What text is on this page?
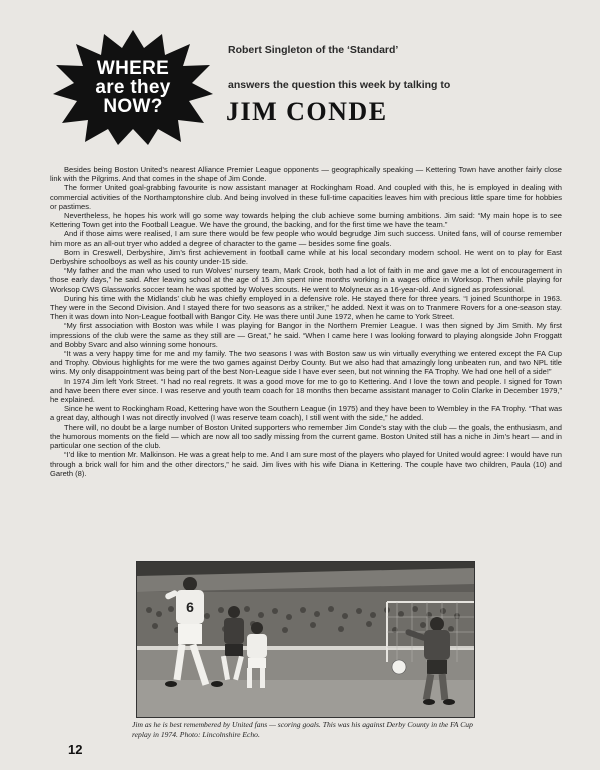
WHERE
are they
NOW?
Robert Singleton of the ‘Standard’
answers the question this week by talking to
JIM CONDE

Besides being Boston United’s nearest Alliance Premier League opponents — geographically speaking — Kettering Town have another fairly close link with the Pilgrims. And that comes in the shape of Jim Conde.

The former United goal-grabbing favourite is now assistant manager at Rockingham Road. And coupled with this, he is employed in dealing with commercial activities of the Northamptonshire club. And being involved in these full-time capacities leaves him with precious little spare time for hobbies or pastimes.

Nevertheless, he hopes his work will go some way towards helping the club achieve some burning ambitions. Jim said: “My main hope is to see Kettering Town get into the Football League. We have the ground, the backing, and for the first time we have the team.”

And if those aims were realised, I am sure there would be few people who would begrudge Jim such success. United fans, will of course remember him more as an all-out tryer who added a degree of character to the game — besides some fine goals.

Born in Creswell, Derbyshire, Jim’s first achievement in football came while at his local secondary modern school. He went on to play for East Derbyshire schoolboys as well as his county under-15 side.

“My father and the man who used to run Wolves’ nursery team, Mark Crook, both had a lot of faith in me and gave me a lot of encouragement in those early days,” he said. After leaving school at the age of 15 Jim spent nine months working in a wages office in Worksop. Then while playing for Worksop CWS Glassworks soccer team he was spotted by Wolves scouts. He went to Molyneux as a 16-year-old. And signed as professional.

During his time with the Midlands’ club he was chiefly employed in a defensive role. He stayed there for three years. “I joined Scunthorpe in 1963. They were in the Second Division. And I stayed there for two seasons as a striker,” he added. Next it was on to Tranmere Rovers for a one-season stay. Then it was down into Non-League football with Bangor City. He was there until June 1972, when he came to York Street.

“My first association with Boston was while I was playing for Bangor in the Northern Premier League. I was then signed by Jim Smith. My first impressions of the club were the same as they still are — Great,” he said. “When I came here I was looking forward to playing alongside John Froggatt and Bobby Svarc and also winning some honours.

“It was a very happy time for me and my family. The two seasons I was with Boston saw us win virtually everything we entered except the FA Cup and Trophy. Obvious highlights for me were the two games against Derby County. But we also had that amazingly long unbeaten run, and two NPL title wins. My only disappointment was being part of the best Non-League side I have ever seen, but not winning the FA Trophy. We had one hell of a side!”

In 1974 Jim left York Street. “I had no real regrets. It was a good move for me to go to Kettering. And I love the town and people. I signed for Town and have been there ever since. I was reserve and youth team coach for 18 months then became assistant manager to Colin Clarke in December 1979,” he explained.

Since he went to Rockingham Road, Kettering have won the Southern League (in 1975) and they have been to Wembley in the FA Trophy. “That was a great day, although I was not directly involved (I was reserve team coach), I still went with the side,” he added.

There will, no doubt be a large number of Boston United supporters who remember Jim Conde’s stay with the club — the goals, the enthusiasm, and the humorous moments on the field — which are now all too sadly missing from the current game. Boston United still has a niche in Jim’s heart — and in particular one section of the club.

“I’d like to mention Mr. Malkinson. He was a great help to me. And I am sure most of the players who played for United would agree: I would have run through a brick wall for him and the other directors,” he said. Jim lives with his wife Diana in Kettering. The couple have two children, Paula (10) and Gareth (8).

6
Jim as he is best remembered by United fans — scoring goals. This was his against Derby County in the FA Cup replay in 1974. Photo: Lincolnshire Echo.
12
